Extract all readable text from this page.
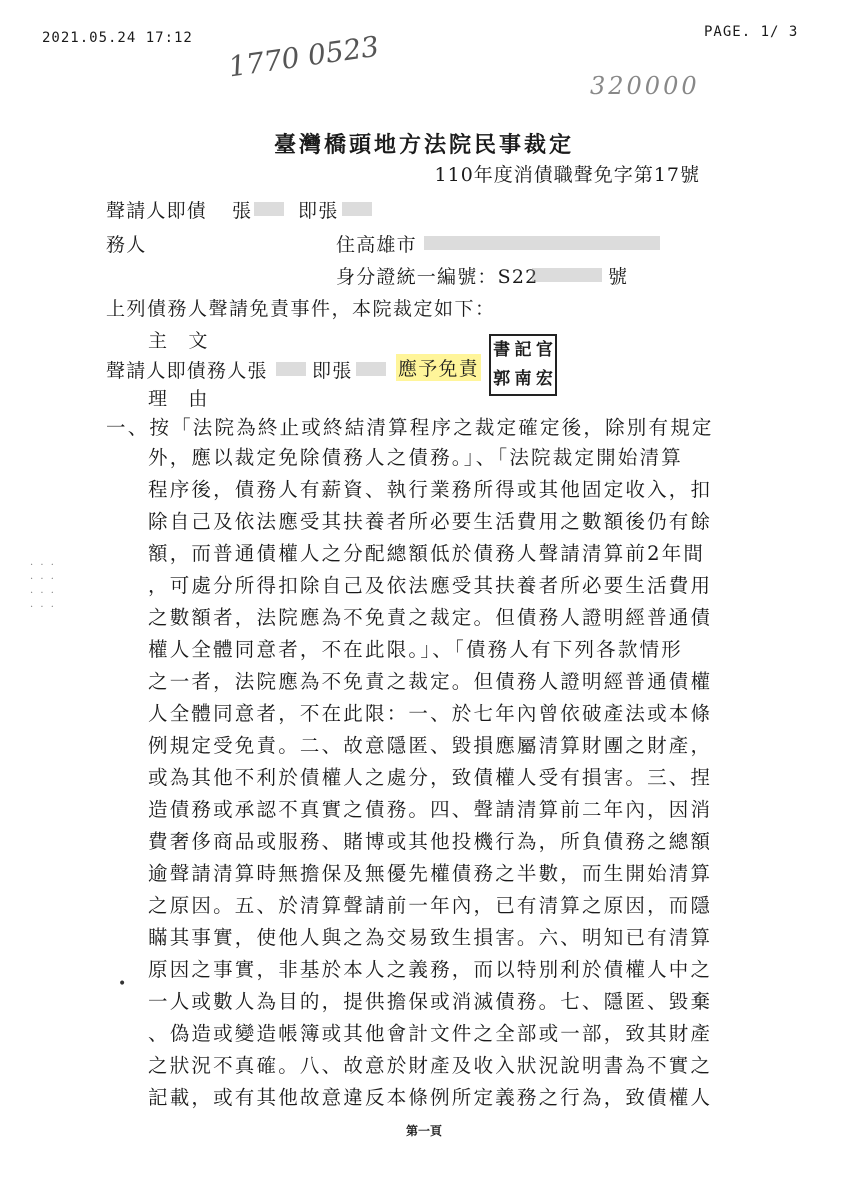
2021.05.24 17:12	PAGE. 1/ 3
1770 0523
320000
臺灣橋頭地方法院民事裁定
110年度消債職聲免字第17號
聲請人即債 張 即張
務人	住高雄市
身分證統一編號：S22	號
上列債務人聲請免責事件，本院裁定如下：
主　文
聲請人即債務人張 即張 應予免責
書 記 官
郭 南 宏
理　由
一、按「法院為終止或終結清算程序之裁定確定後，除別有規定
外，應以裁定免除債務人之債務。」、「法院裁定開始清算
程序後，債務人有薪資、執行業務所得或其他固定收入，扣
除自己及依法應受其扶養者所必要生活費用之數額後仍有餘
額，而普通債權人之分配總額低於債務人聲請清算前2年間
，可處分所得扣除自己及依法應受其扶養者所必要生活費用
之數額者，法院應為不免責之裁定。但債務人證明經普通債
權人全體同意者，不在此限。」、「債務人有下列各款情形
之一者，法院應為不免責之裁定。但債務人證明經普通債權
人全體同意者，不在此限：一、於七年內曾依破產法或本條
例規定受免責。二、故意隱匿、毀損應屬清算財團之財產，
或為其他不利於債權人之處分，致債權人受有損害。三、捏
造債務或承認不真實之債務。四、聲請清算前二年內，因消
費奢侈商品或服務、賭博或其他投機行為，所負債務之總額
逾聲請清算時無擔保及無優先權債務之半數，而生開始清算
之原因。五、於清算聲請前一年內，已有清算之原因，而隱
瞞其事實，使他人與之為交易致生損害。六、明知已有清算
原因之事實，非基於本人之義務，而以特別利於債權人中之
一人或數人為目的，提供擔保或消滅債務。七、隱匿、毀棄
、偽造或變造帳簿或其他會計文件之全部或一部，致其財產
之狀況不真確。八、故意於財產及收入狀況說明書為不實之
記載，或有其他故意違反本條例所定義務之行為，致債權人
· · ·
· · ·
· · ·
· · ·
•
第一頁
